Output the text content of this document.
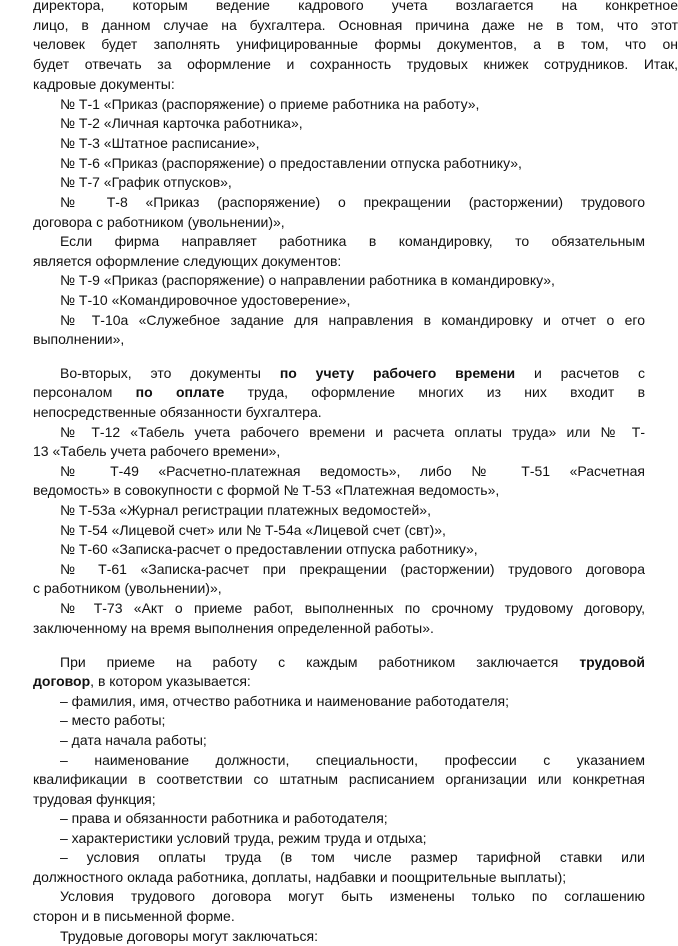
директора, которым ведение кадрового учета возлагается на конкретное

лицо, в данном случае на бухгалтера. Основная причина даже не в том, что этот

человек будет заполнять унифицированные формы документов, а в том, что он

будет отвечать за оформление и сохранность трудовых книжек сотрудников. Итак,

кадровые документы:

№ Т-1 «Приказ (распоряжение) о приеме работника на работу»,

№ Т-2 «Личная карточка работника»,

№ Т-3 «Штатное расписание»,

№ Т-6 «Приказ (распоряжение) о предоставлении отпуска работнику»,

№ Т-7 «График отпусков»,

№ Т-8 «Приказ (распоряжение) о прекращении (расторжении) трудового

договора с работником (увольнении)»,

Если фирма направляет работника в командировку, то обязательным

является оформление следующих документов:

№ Т-9 «Приказ (распоряжение) о направлении работника в командировку»,

№ Т-10 «Командировочное удостоверение»,

№ Т-10а «Служебное задание для направления в командировку и отчет о его

выполнении»,

Во-вторых, это документы по учету рабочего времени и расчетов с

персоналом по оплате труда, оформление многих из них входит в

непосредственные обязанности бухгалтера.

№ Т-12 «Табель учета рабочего времени и расчета оплаты труда» или № Т-

13 «Табель учета рабочего времени»,

№ Т-49 «Расчетно-платежная ведомость», либо № Т-51 «Расчетная

ведомость» в совокупности с формой № Т-53 «Платежная ведомость»,

№ Т-53а «Журнал регистрации платежных ведомостей»,

№ Т-54 «Лицевой счет» или № Т-54а «Лицевой счет (свт)»,

№ Т-60 «Записка-расчет о предоставлении отпуска работнику»,

№ Т-61 «Записка-расчет при прекращении (расторжении) трудового договора

с работником (увольнении)»,

№ Т-73 «Акт о приеме работ, выполненных по срочному трудовому договору,

заключенному на время выполнения определенной работы».

При приеме на работу с каждым работником заключается трудовой

договор, в котором указывается:

– фамилия, имя, отчество работника и наименование работодателя;

– место работы;

– дата начала работы;

– наименование должности, специальности, профессии с указанием

квалификации в соответствии со штатным расписанием организации или конкретная

трудовая функция;

– права и обязанности работника и работодателя;

– характеристики условий труда, режим труда и отдыха;

– условия оплаты труда (в том числе размер тарифной ставки или

должностного оклада работника, доплаты, надбавки и поощрительные выплаты);

Условия трудового договора могут быть изменены только по соглашению

сторон и в письменной форме.

Трудовые договоры могут заключаться:
